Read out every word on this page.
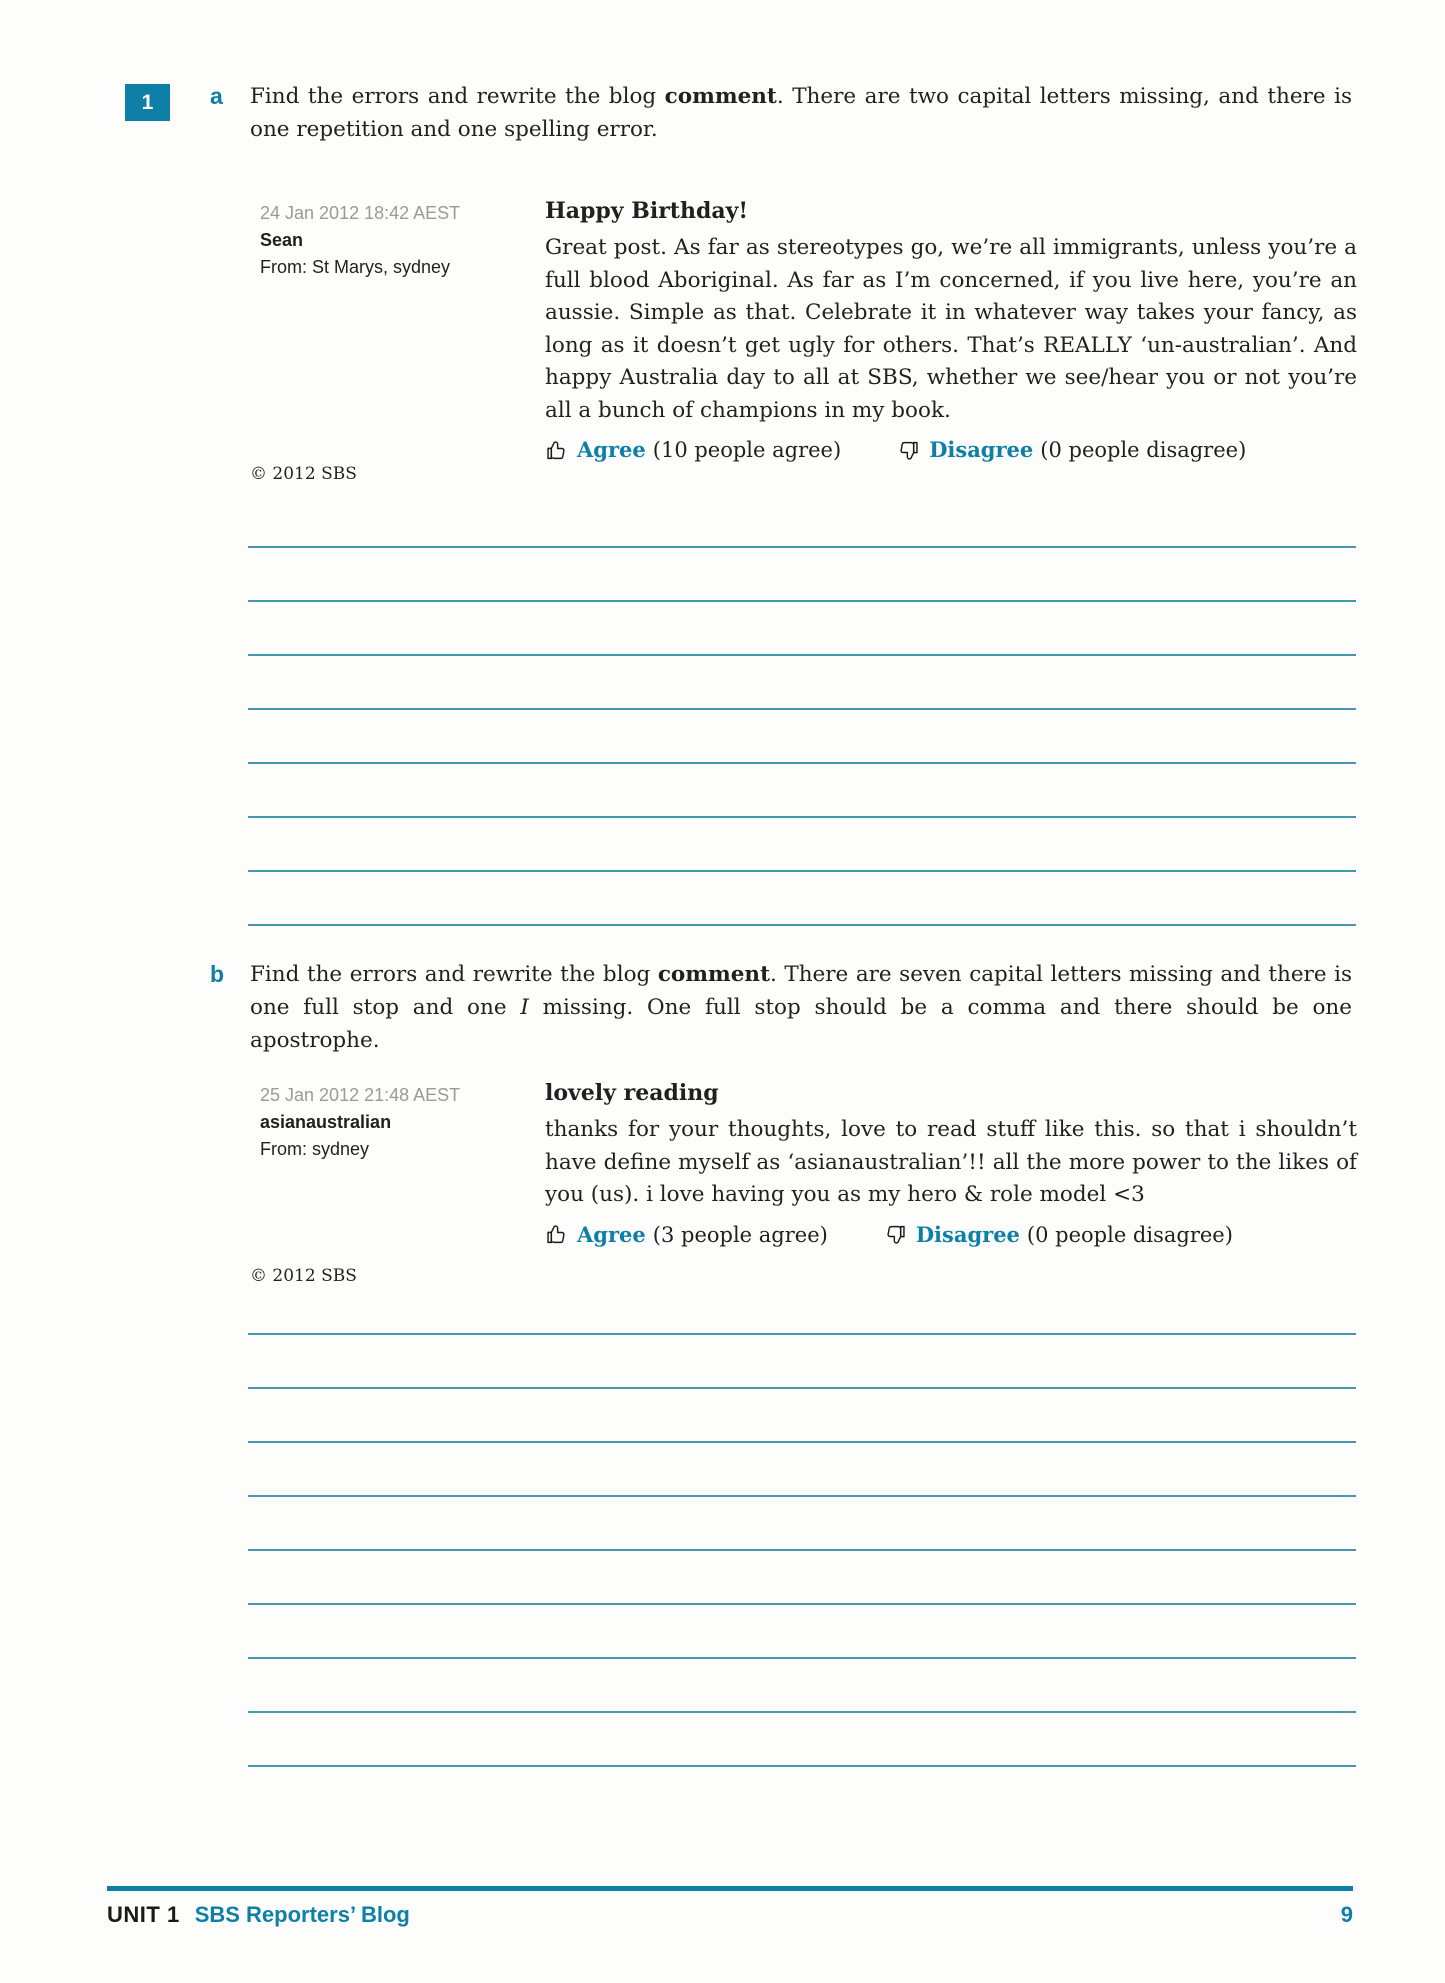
1	a Find the errors and rewrite the blog comment. There are two capital letters missing, and there is one repetition and one spelling error.

24 Jan 2012 18:42 AEST
Sean
From: St Marys, sydney
Happy Birthday!

Great post. As far as stereotypes go, we’re all immigrants, unless you’re a full blood Aboriginal. As far as I’m concerned, if you live here, you’re an aussie. Simple as that. Celebrate it in whatever way takes your fancy, as long as it doesn’t get ugly for others. That’s REALLY ‘un-australian’. And happy Australia day to all at SBS, whether we see/hear you or not you’re all a bunch of champions in my book.

Agree (10 people agree)	Disagree (0 people disagree)
© 2012 SBS
b Find the errors and rewrite the blog comment. There are seven capital letters missing and there is one full stop and one I missing. One full stop should be a comma and there should be one apostrophe.

25 Jan 2012 21:48 AEST
asianaustralian
From: sydney
lovely reading

thanks for your thoughts, love to read stuff like this. so that i shouldn’t have define myself as ‘asianaustralian’!! all the more power to the likes of you (us). i love having you as my hero & role model <3

Agree (3 people agree)	Disagree (0 people disagree)
© 2012 SBS
UNIT 1 SBS Reporters’ Blog	9
